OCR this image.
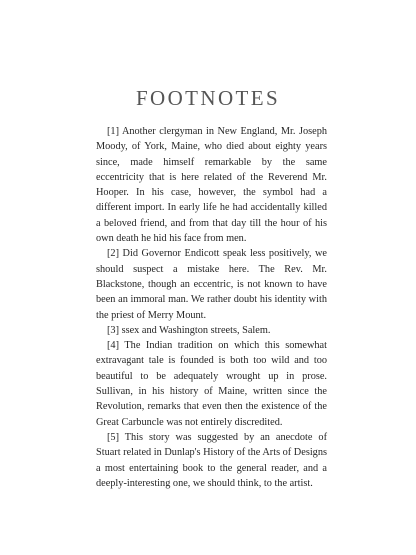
FOOTNOTES

[1] Another clergyman in New England, Mr. Joseph Moody, of York, Maine, who died about eighty years since, made himself remarkable by the same eccentricity that is here related of the Reverend Mr. Hooper. In his case, however, the symbol had a different import. In early life he had accidentally killed a beloved friend, and from that day till the hour of his own death he hid his face from men.

[2] Did Governor Endicott speak less positively, we should suspect a mistake here. The Rev. Mr. Blackstone, though an eccentric, is not known to have been an immoral man. We rather doubt his identity with the priest of Merry Mount.

[3] ssex and Washington streets, Salem.

[4] The Indian tradition on which this somewhat extravagant tale is founded is both too wild and too beautiful to be adequately wrought up in prose. Sullivan, in his history of Maine, written since the Revolution, remarks that even then the existence of the Great Carbuncle was not entirely discredited.

[5] This story was suggested by an anecdote of Stuart related in Dunlap's History of the Arts of Designs a most entertaining book to the general reader, and a deeply-interesting one, we should think, to the artist.
